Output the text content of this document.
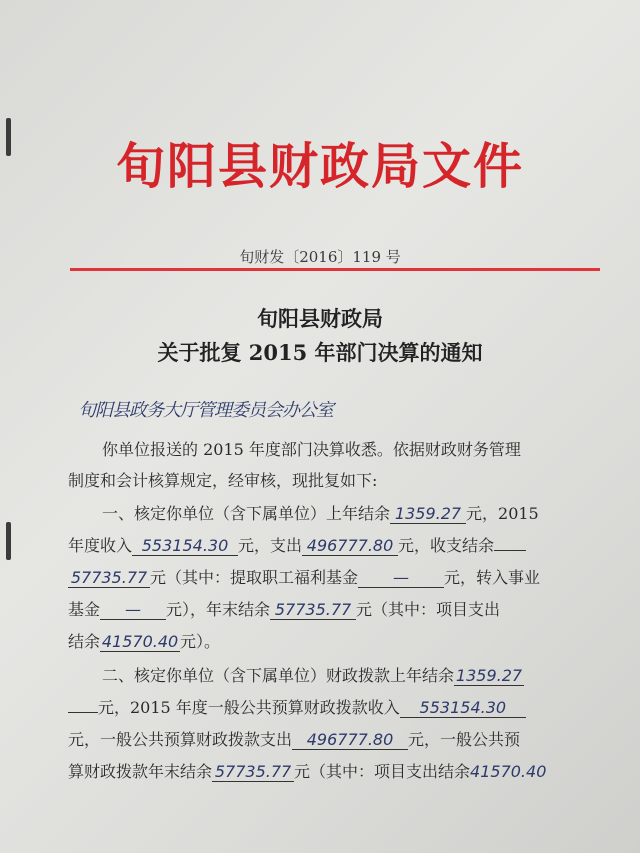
旬阳县财政局文件
旬财发〔2016〕119 号
旬阳县财政局
关于批复 2015 年部门决算的通知
旬阳县政务大厅管理委员会办公室
你单位报送的 2015 年度部门决算收悉。依据财政财务管理
制度和会计核算规定，经审核，现批复如下:
一、核定你单位（含下属单位）上年结余 1359.27 元，2015
年度收入 553154.30 元，支出 496777.80 元，收支结余
57735.77 元（其中：提取职工福利基金 — 元，转入事业
基金 — 元），年末结余 57735.77 元（其中：项目支出
结余 41570.40 元）。
二、核定你单位（含下属单位）财政拨款上年结余 1359.27
元，2015 年度一般公共预算财政拨款收入 553154.30
元，一般公共预算财政拨款支出 496777.80 元，一般公共预
算财政拨款年末结余 57735.77 元（其中：项目支出结余41570.40
